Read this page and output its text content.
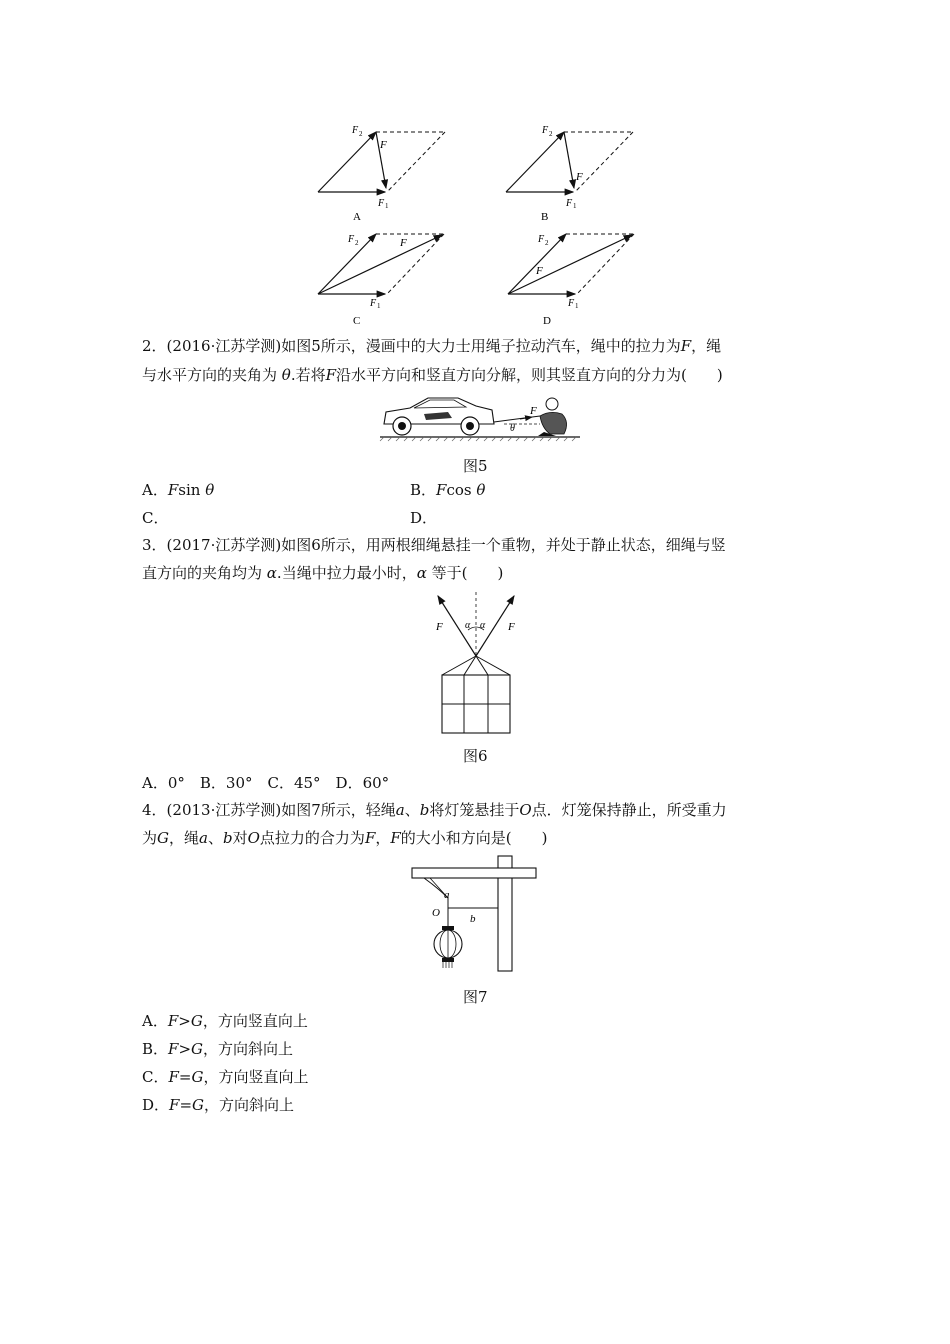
F 2
F
F 1
A
F 2
F
F 1
B
F 2	F
F 1
C
F 2
F
F 1
D
2．(2016·江苏学测)如图5所示，漫画中的大力士用绳子拉动汽车，绳中的拉力为F，绳
与水平方向的夹角为 θ.若将F沿水平方向和竖直方向分解，则其竖直方向的分力为(　　)
F
θ
图5
A．Fsin θ	B．Fcos θ
C．	D．
3．(2017·江苏学测)如图6所示，用两根细绳悬挂一个重物，并处于静止状态，细绳与竖
直方向的夹角均为 α.当绳中拉力最小时，α 等于(　　)
F	F
α α
图6
A．0°　B．30°　C．45°　D．60°
4．(2013·江苏学测)如图7所示，轻绳a、b将灯笼悬挂于O点．灯笼保持静止，所受重力
为G，绳a、b对O点拉力的合力为F，F的大小和方向是(　　)
a
b
O
图7
A．F>G，方向竖直向上
B．F>G，方向斜向上
C．F=G，方向竖直向上
D．F=G，方向斜向上
